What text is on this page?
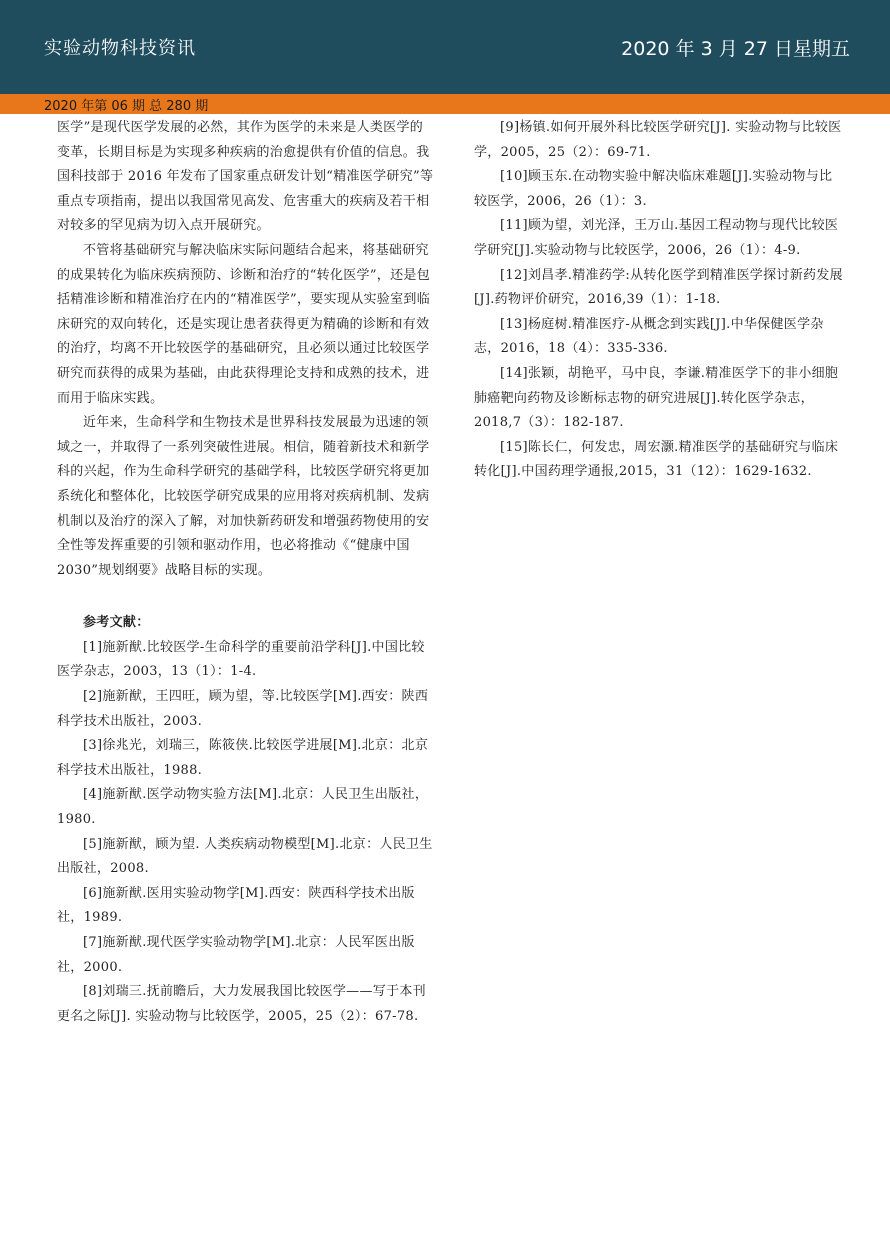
实验动物科技资讯	2020 年 3 月 27 日星期五
2020 年第 06 期 总 280 期

医学”是现代医学发展的必然，其作为医学的未来是人类医学的变革，长期目标是为实现多种疾病的治愈提供有价值的信息。我国科技部于 2016 年发布了国家重点研发计划“精准医学研究”等重点专项指南，提出以我国常见高发、危害重大的疾病及若干相对较多的罕见病为切入点开展研究。

不管将基础研究与解决临床实际问题结合起来，将基础研究的成果转化为临床疾病预防、诊断和治疗的“转化医学”，还是包括精准诊断和精准治疗在内的“精准医学”，要实现从实验室到临床研究的双向转化，还是实现让患者获得更为精确的诊断和有效的治疗，均离不开比较医学的基础研究，且必须以通过比较医学研究而获得的成果为基础，由此获得理论支持和成熟的技术，进而用于临床实践。

近年来，生命科学和生物技术是世界科技发展最为迅速的领域之一，并取得了一系列突破性进展。相信，随着新技术和新学科的兴起，作为生命科学研究的基础学科，比较医学研究将更加系统化和整体化，比较医学研究成果的应用将对疾病机制、发病机制以及治疗的深入了解，对加快新药研发和增强药物使用的安全性等发挥重要的引领和驱动作用，也必将推动《“健康中国 2030”规划纲要》战略目标的实现。

参考文献：

[1]施新猷.比较医学-生命科学的重要前沿学科[J].中国比较医学杂志，2003，13（1）：1-4.

[2]施新猷，王四旺，顾为望，等.比较医学[M].西安：陕西科学技术出版社，2003.

[3]徐兆光，刘瑞三，陈筱侠.比较医学进展[M].北京：北京科学技术出版社，1988.

[4]施新猷.医学动物实验方法[M].北京：人民卫生出版社，1980.

[5]施新猷，顾为望. 人类疾病动物模型[M].北京：人民卫生出版社，2008.

[6]施新猷.医用实验动物学[M].西安：陕西科学技术出版社，1989.

[7]施新猷.现代医学实验动物学[M].北京：人民军医出版社，2000.

[8]刘瑞三.抚前瞻后，大力发展我国比较医学——写于本刊更名之际[J]. 实验动物与比较医学，2005，25（2）：67-78.

[9]杨镇.如何开展外科比较医学研究[J]. 实验动物与比较医学，2005，25（2）：69-71.

[10]顾玉东.在动物实验中解决临床难题[J].实验动物与比较医学，2006，26（1）：3.

[11]顾为望，刘光泽，王万山.基因工程动物与现代比较医学研究[J].实验动物与比较医学，2006，26（1）：4-9.

[12]刘昌孝.精准药学:从转化医学到精准医学探讨新药发展[J].药物评价研究，2016,39（1）：1-18.

[13]杨庭树.精准医疗-从概念到实践[J].中华保健医学杂志，2016，18（4）：335-336.

[14]张颖，胡艳平，马中良，李谦.精准医学下的非小细胞肺癌靶向药物及诊断标志物的研究进展[J].转化医学杂志，2018,7（3）：182-187.

[15]陈长仁，何发忠，周宏灏.精准医学的基础研究与临床转化[J].中国药理学通报,2015，31（12）：1629-1632.
